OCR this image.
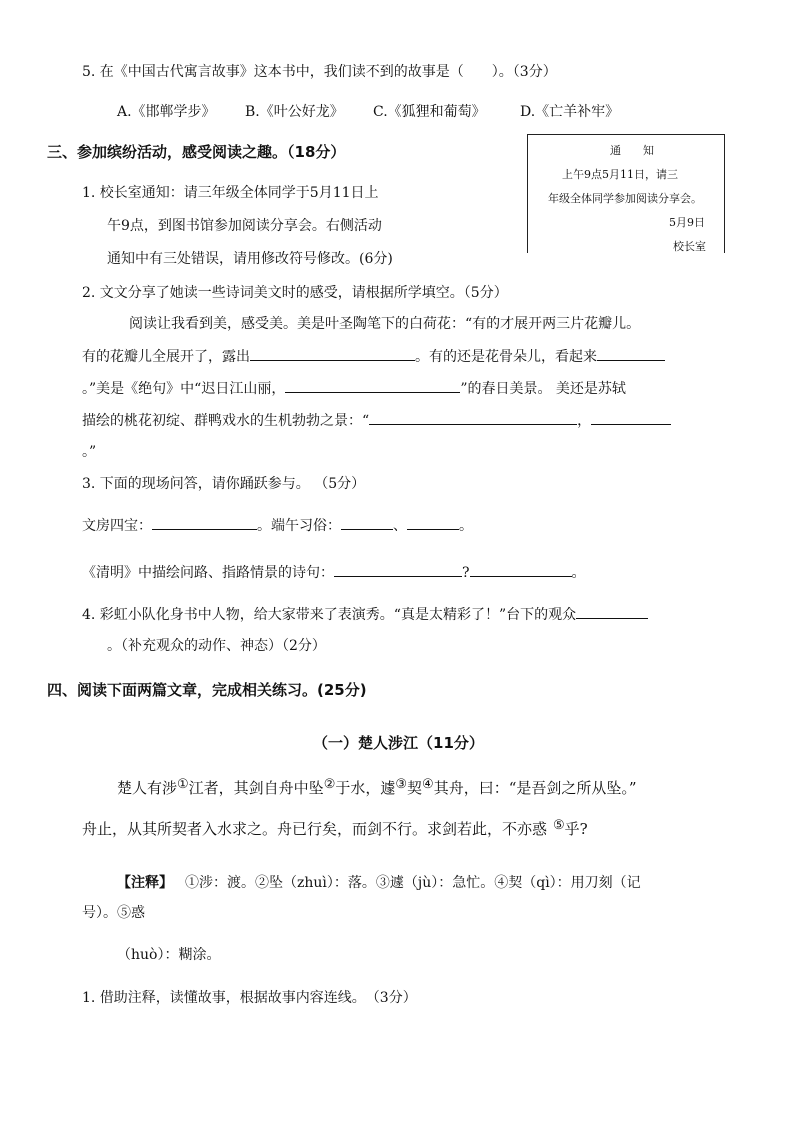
5. 在《中国古代寓言故事》这本书中，我们读不到的故事是（　　）。（3分）
A.《邯郸学步》 B.《叶公好龙》 C.《狐狸和葡萄》 D.《亡羊补牢》
三、参加缤纷活动，感受阅读之趣。（18分）
1. 校长室通知：请三年级全体同学于5月11日上
午9点，到图书馆参加阅读分享会。右侧活动
通知中有三处错误，请用修改符号修改。(6分)
通　　知
上午9点5月11日，请三
年级全体同学参加阅读分享会。
5月9日
校长室
2. 文文分享了她读一些诗词美文时的感受，请根据所学填空。（5分）
阅读让我看到美，感受美。美是叶圣陶笔下的白荷花：“有的才展开两三片花瓣儿。
有的花瓣儿全展开了，露出	。有的还是花骨朵儿，看起来
。”美是《绝句》中“迟日江山丽，	”的春日美景。 美还是苏轼
描绘的桃花初绽、群鸭戏水的生机勃勃之景：“	，
。”
3. 下面的现场问答，请你踊跃参与。 （5分）
文房四宝：	。端午习俗：	、	。
《清明》中描绘问路、指路情景的诗句：	?	。
4. 彩虹小队化身书中人物，给大家带来了表演秀。“真是太精彩了！”台下的观众
。（补充观众的动作、神态）（2分）
四、阅读下面两篇文章，完成相关练习。(25分)
（一）楚人涉江（11分）
楚人有涉①江者，其剑自舟中坠②于水，遽③契④其舟，曰：“是吾剑之所从坠。”
舟止，从其所契者入水求之。舟已行矣，而剑不行。求剑若此，不亦惑 ⑤乎?
【注释】 ①涉：渡。②坠（zhuì）：落。③遽（jù）：急忙。④契（qì）：用刀刻（记
号）。⑤惑
（huò）：糊涂。
1. 借助注释，读懂故事，根据故事内容连线。　（3分）
